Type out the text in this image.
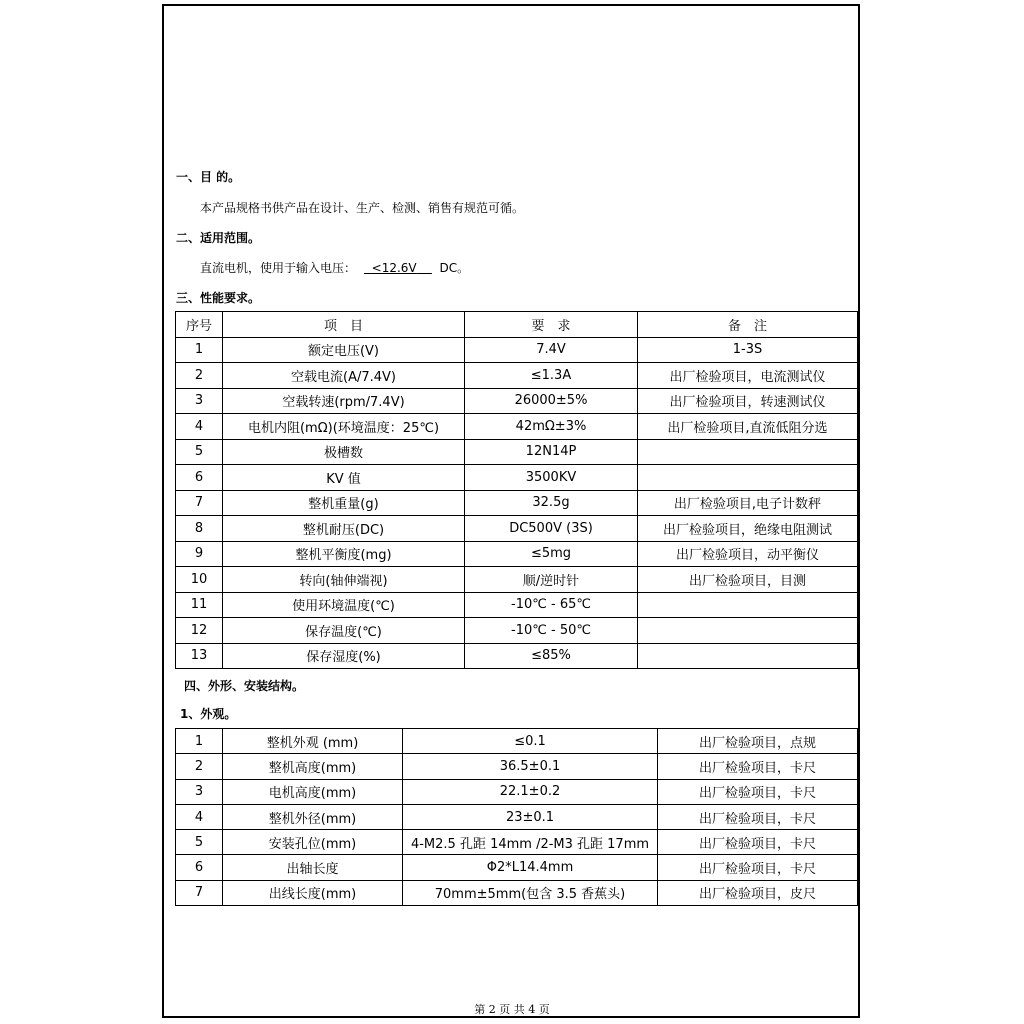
一、目 的。
本产品规格书供产品在设计、生产、检测、销售有规范可循。
二、适用范围。
直流电机，使用于输入电压： <12.6V DC。
三、性能要求。
序号	项　目	要　求	备　注
1	额定电压(V)	7.4V	1-3S
2	空载电流(A/7.4V)	≤1.3A	出厂检验项目，电流测试仪
3	空载转速(rpm/7.4V)	26000±5%	出厂检验项目，转速测试仪
4	电机内阻(mΩ)(环境温度：25℃)	42mΩ±3%	出厂检验项目,直流低阻分选
5	极槽数	12N14P	
6	KV 值	3500KV	
7	整机重量(g)	32.5g	出厂检验项目,电子计数秤
8	整机耐压(DC)	DC500V (3S)	出厂检验项目，绝缘电阻测试
9	整机平衡度(mg)	≤5mg	出厂检验项目，动平衡仪
10	转向(轴伸端视)	顺/逆时针	出厂检验项目，目测
11	使用环境温度(℃)	-10℃ - 65℃	
12	保存温度(℃)	-10℃ - 50℃	
13	保存湿度(%)	≤85%	
四、外形、安装结构。
1、外观。
1	整机外观 (mm)	≤0.1	出厂检验项目，点规
2	整机高度(mm)	36.5±0.1	出厂检验项目，卡尺
3	电机高度(mm)	22.1±0.2	出厂检验项目，卡尺
4	整机外径(mm)	23±0.1	出厂检验项目，卡尺
5	安装孔位(mm)	4-M2.5 孔距 14mm /2-M3 孔距 17mm	出厂检验项目，卡尺
6	出轴长度	Φ2*L14.4mm	出厂检验项目，卡尺
7	出线长度(mm)	70mm±5mm(包含 3.5 香蕉头)	出厂检验项目，皮尺
第 2 页 共 4 页
